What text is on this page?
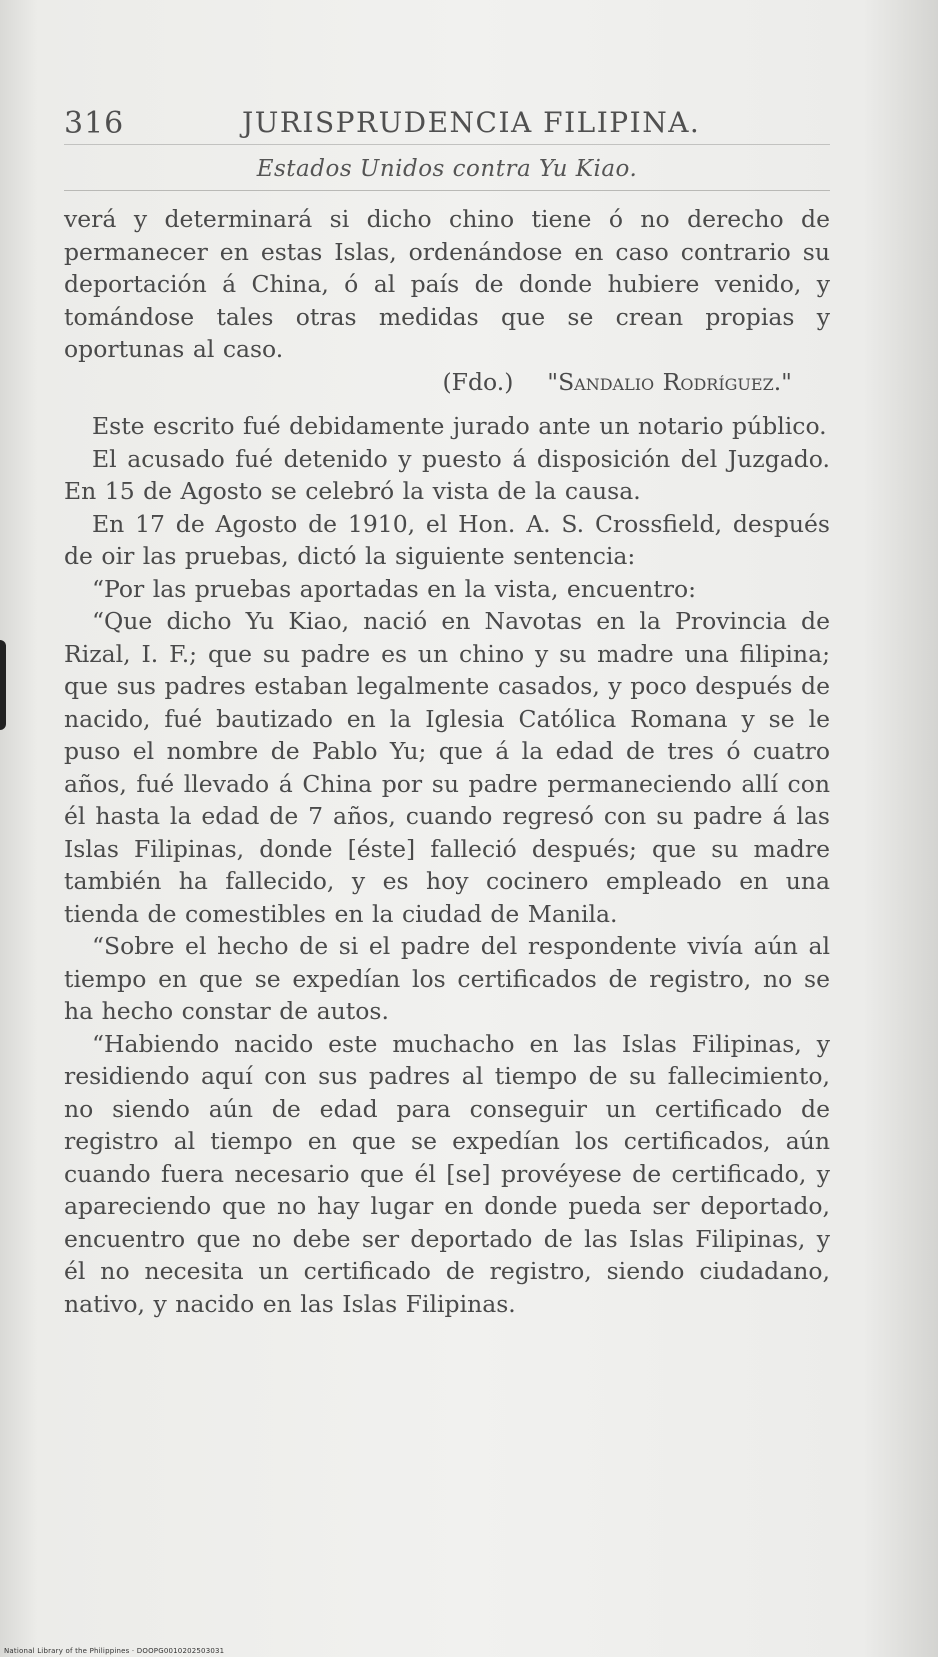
316	JURISPRUDENCIA FILIPINA.
Estados Unidos contra Yu Kiao.

verá y determinará si dicho chino tiene ó no derecho de permanecer en estas Islas, ordenándose en caso contrario su deportación á China, ó al país de donde hubiere venido, y tomándose tales otras medidas que se crean propias y oportunas al caso.

(Fdo.) "Sandalio Rodríguez."

Este escrito fué debidamente jurado ante un notario público.

El acusado fué detenido y puesto á disposición del Juzgado. En 15 de Agosto se celebró la vista de la causa.

En 17 de Agosto de 1910, el Hon. A. S. Crossfield, después de oir las pruebas, dictó la siguiente sentencia:

“Por las pruebas aportadas en la vista, encuentro:

“Que dicho Yu Kiao, nació en Navotas en la Provincia de Rizal, I. F.; que su padre es un chino y su madre una filipina; que sus padres estaban legalmente casados, y poco después de nacido, fué bautizado en la Iglesia Católica Romana y se le puso el nombre de Pablo Yu; que á la edad de tres ó cuatro años, fué llevado á China por su padre permaneciendo allí con él hasta la edad de 7 años, cuando regresó con su padre á las Islas Filipinas, donde [éste] falleció después; que su madre también ha fallecido, y es hoy cocinero empleado en una tienda de comestibles en la ciudad de Manila.

“Sobre el hecho de si el padre del respondente vivía aún al tiempo en que se expedían los certificados de registro, no se ha hecho constar de autos.

“Habiendo nacido este muchacho en las Islas Filipinas, y residiendo aquí con sus padres al tiempo de su fallecimiento, no siendo aún de edad para conseguir un certificado de registro al tiempo en que se expedían los certificados, aún cuando fuera necesario que él [se] provéyese de certificado, y apareciendo que no hay lugar en donde pueda ser deportado, encuentro que no debe ser deportado de las Islas Filipinas, y él no necesita un certificado de registro, siendo ciudadano, nativo, y nacido en las Islas Filipinas.

National Library of the Philippines · DOOPG0010202503031
